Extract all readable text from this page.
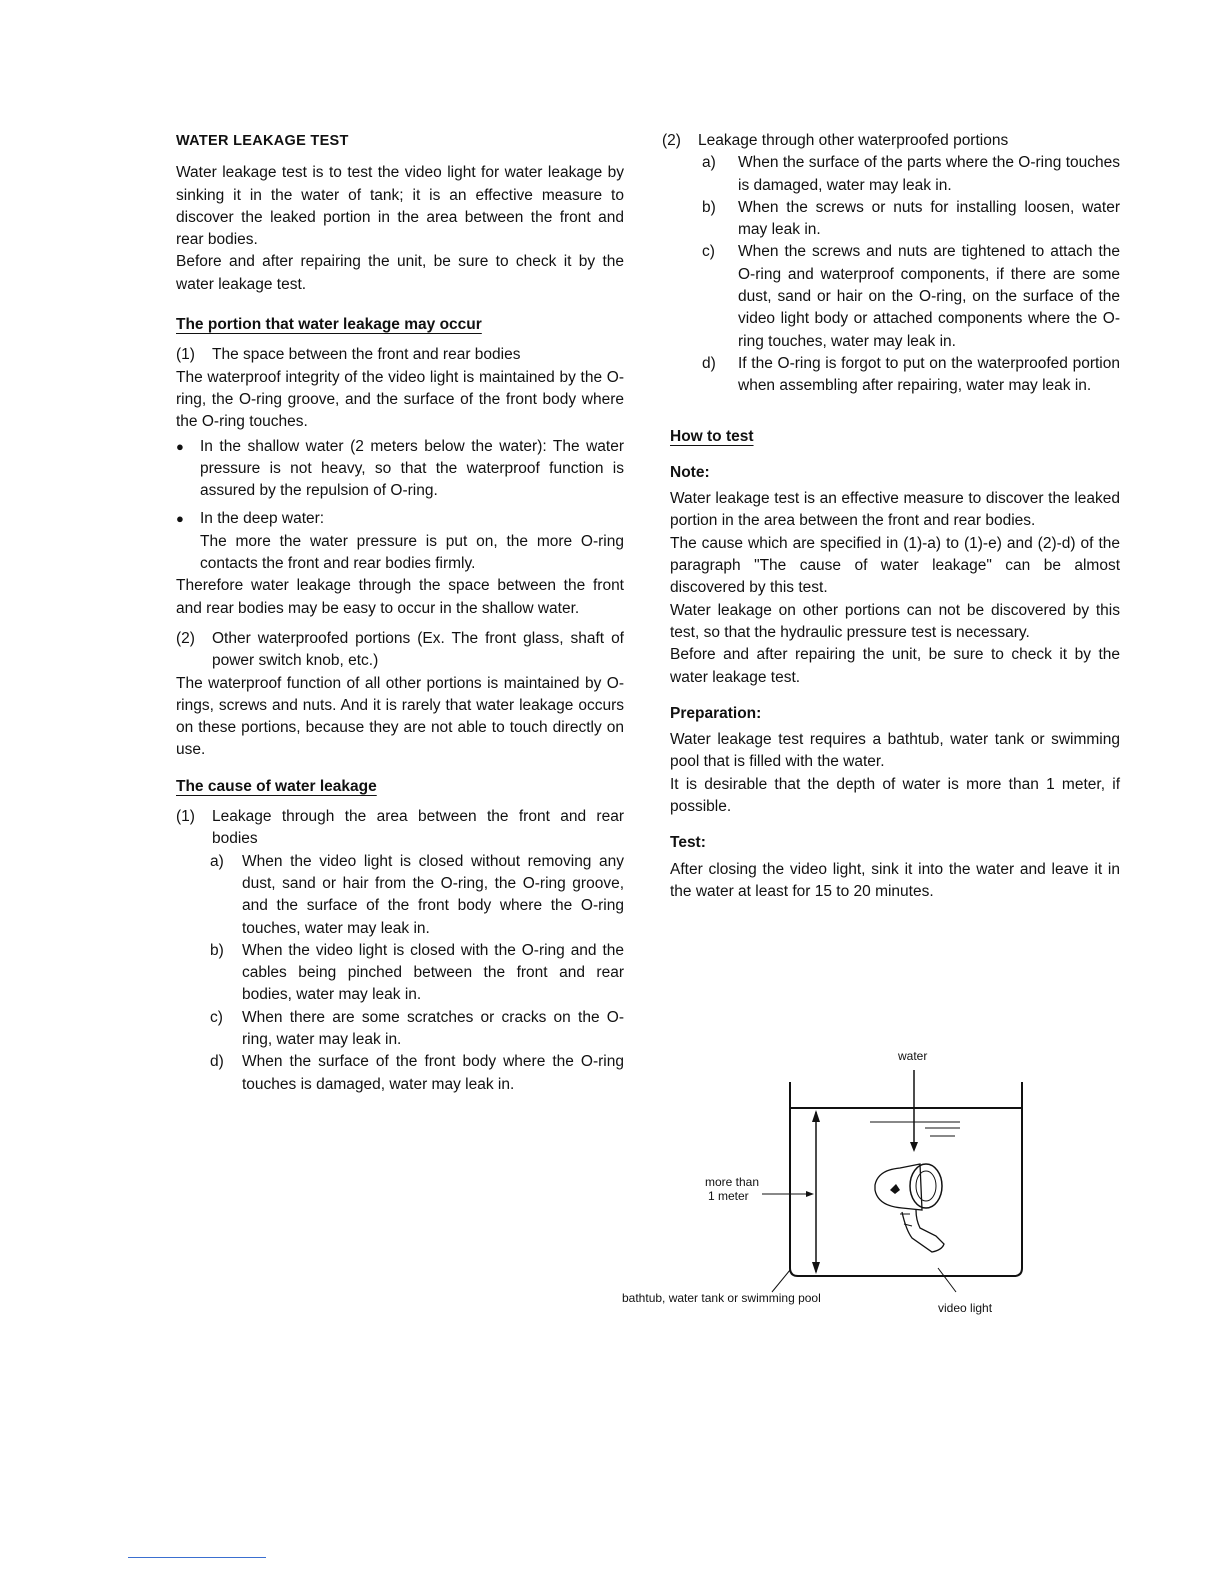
WATER LEAKAGE TEST

Water leakage test is to test the video light for water leakage by sinking it in the water of tank; it is an effective measure to discover the leaked portion in the area between the front and rear bodies.

Before and after repairing the unit, be sure to check it by the water leakage test.

The portion that water leakage may occur
(1)	The space between the front and rear bodies

The waterproof integrity of the video light is maintained by the O-ring, the O-ring groove, and the surface of the front body where the O-ring touches.

●	In the shallow water (2 meters below the water): The water pressure is not heavy, so that the waterproof function is assured by the repulsion of O-ring.
●	In the deep water:
The more the water pressure is put on, the more O-ring contacts the front and rear bodies firmly.

Therefore water leakage through the space between the front and rear bodies may be easy to occur in the shallow water.

(2)	Other waterproofed portions (Ex. The front glass, shaft of power switch knob, etc.)

The waterproof function of all other portions is maintained by O-rings, screws and nuts. And it is rarely that water leakage occurs on these portions, because they are not able to touch directly on use.

The cause of water leakage
(1)	Leakage through the area between the front and rear bodies
a)	When the video light is closed without removing any dust, sand or hair from the O-ring, the O-ring groove, and the surface of the front body where the O-ring touches, water may leak in.
b)	When the video light is closed with the O-ring and the cables being pinched between the front and rear bodies, water may leak in.
c)	When there are some scratches or cracks on the O-ring, water may leak in.
d)	When the surface of the front body where the O-ring touches is damaged, water may leak in.
(2)	Leakage through other waterproofed portions
a)	When the surface of the parts where the O-ring touches is damaged, water may leak in.
b)	When the screws or nuts for installing loosen, water may leak in.
c)	When the screws and nuts are tightened to attach the O-ring and waterproof components, if there are some dust, sand or hair on the O-ring, on the surface of the video light body or attached components where the O-ring touches, water may leak in.
d)	If the O-ring is forgot to put on the waterproofed portion when assembling after repairing, water may leak in.
How to test
Note:

Water leakage test is an effective measure to discover the leaked portion in the area between the front and rear bodies.

The cause which are specified in (1)-a) to (1)-e) and (2)-d) of the paragraph "The cause of water leakage" can be almost discovered by this test.

Water leakage on other portions can not be discovered by this test, so that the hydraulic pressure test is necessary.

Before and after repairing the unit, be sure to check it by the water leakage test.

Preparation:

Water leakage test requires a bathtub, water tank or swimming pool that is filled with the water.

It is desirable that the depth of water is more than 1 meter, if possible.

Test:

After closing the video light, sink it into the water and leave it in the water at least for 15 to 20 minutes.

water
more than
1 meter
bathtub, water tank or swimming pool
video light
